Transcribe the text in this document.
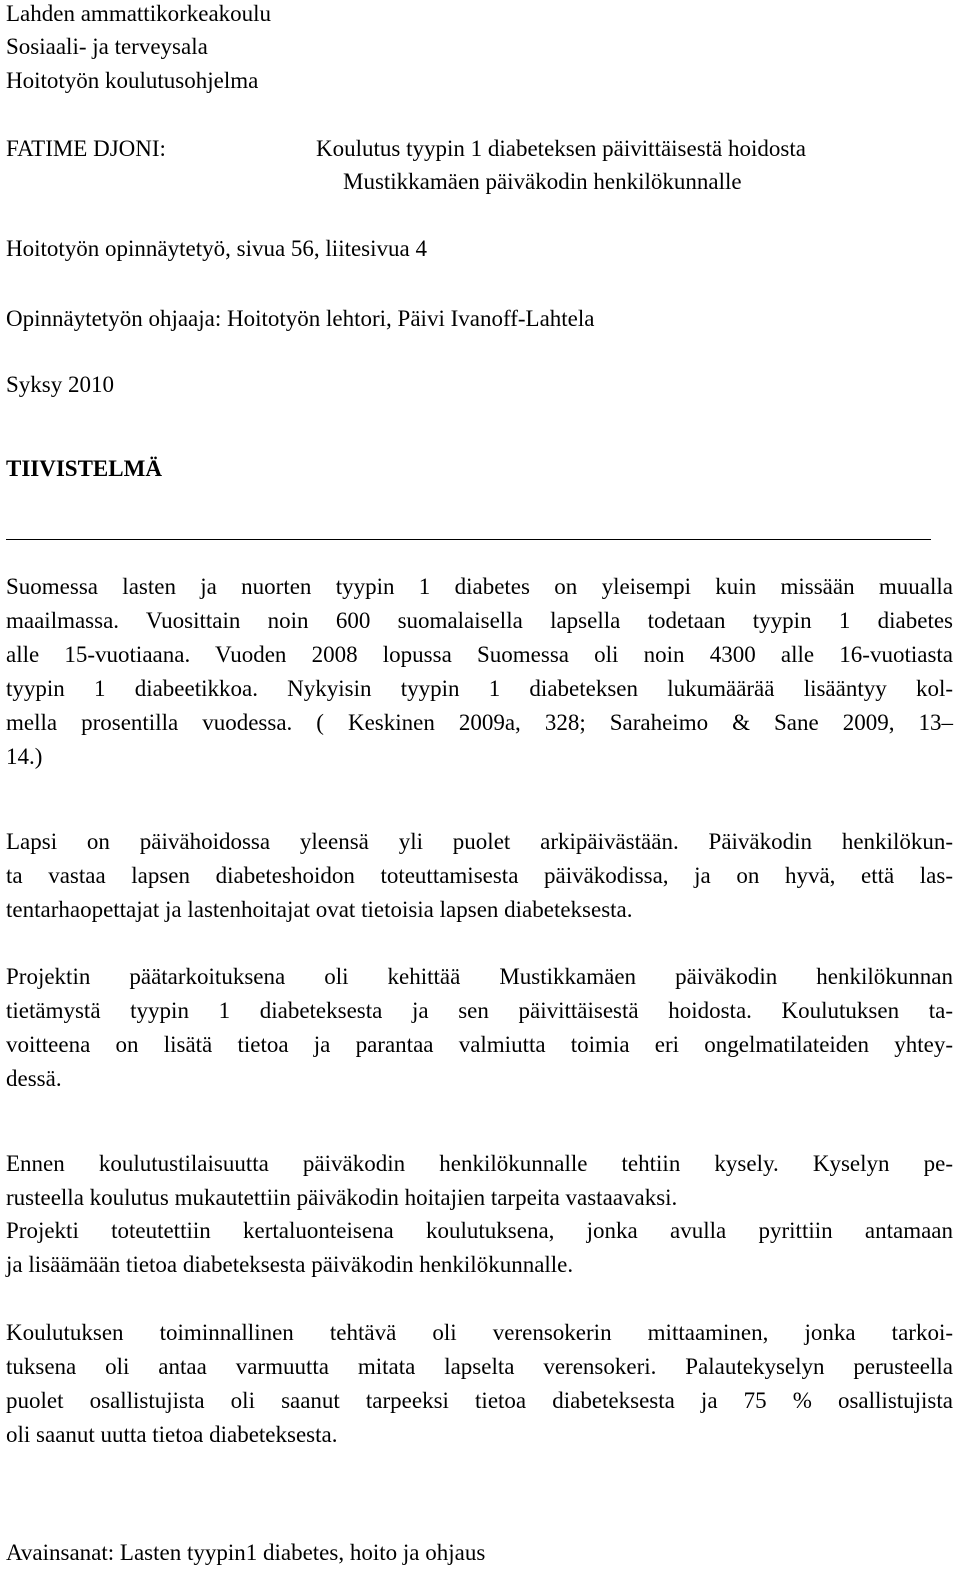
Lahden ammattikorkeakoulu
Sosiaali- ja terveysala
Hoitotyön koulutusohjelma
FATIME DJONI:	Koulutus tyypin 1 diabeteksen päivittäisestä hoidosta
Mustikkamäen päiväkodin henkilökunnalle
Hoitotyön opinnäytetyö, sivua 56, liitesivua 4
Opinnäytetyön ohjaaja: Hoitotyön lehtori, Päivi Ivanoff-Lahtela
Syksy 2010
TIIVISTELMÄ
Suomessa lasten ja nuorten tyypin 1 diabetes on yleisempi kuin missään muualla
maailmassa. Vuosittain noin 600 suomalaisella lapsella todetaan tyypin 1 diabetes
alle 15-vuotiaana. Vuoden 2008 lopussa Suomessa oli noin 4300 alle 16-vuotiasta
tyypin 1 diabeetikkoa. Nykyisin tyypin 1 diabeteksen lukumäärää lisääntyy kol-
mella prosentilla vuodessa. ( Keskinen 2009a, 328; Saraheimo & Sane 2009, 13–
14.)
Lapsi on päivähoidossa yleensä yli puolet arkipäivästään. Päiväkodin henkilökun-
ta vastaa lapsen diabeteshoidon toteuttamisesta päiväkodissa, ja on hyvä, että las-
tentarhaopettajat ja lastenhoitajat ovat tietoisia lapsen diabeteksesta.
Projektin päätarkoituksena oli kehittää Mustikkamäen päiväkodin henkilökunnan
tietämystä tyypin 1 diabeteksesta ja sen päivittäisestä hoidosta. Koulutuksen ta-
voitteena on lisätä tietoa ja parantaa valmiutta toimia eri ongelmatilateiden yhtey-
dessä.
Ennen koulutustilaisuutta päiväkodin henkilökunnalle tehtiin kysely. Kyselyn pe-
rusteella koulutus mukautettiin päiväkodin hoitajien tarpeita vastaavaksi.
Projekti toteutettiin kertaluonteisena koulutuksena, jonka avulla pyrittiin antamaan
ja lisäämään tietoa diabeteksesta päiväkodin henkilökunnalle.
Koulutuksen toiminnallinen tehtävä oli verensokerin mittaaminen, jonka tarkoi-
tuksena oli antaa varmuutta mitata lapselta verensokeri. Palautekyselyn perusteella
puolet osallistujista oli saanut tarpeeksi tietoa diabeteksesta ja 75 % osallistujista
oli saanut uutta tietoa diabeteksesta.
Avainsanat: Lasten tyypin1 diabetes, hoito ja ohjaus
